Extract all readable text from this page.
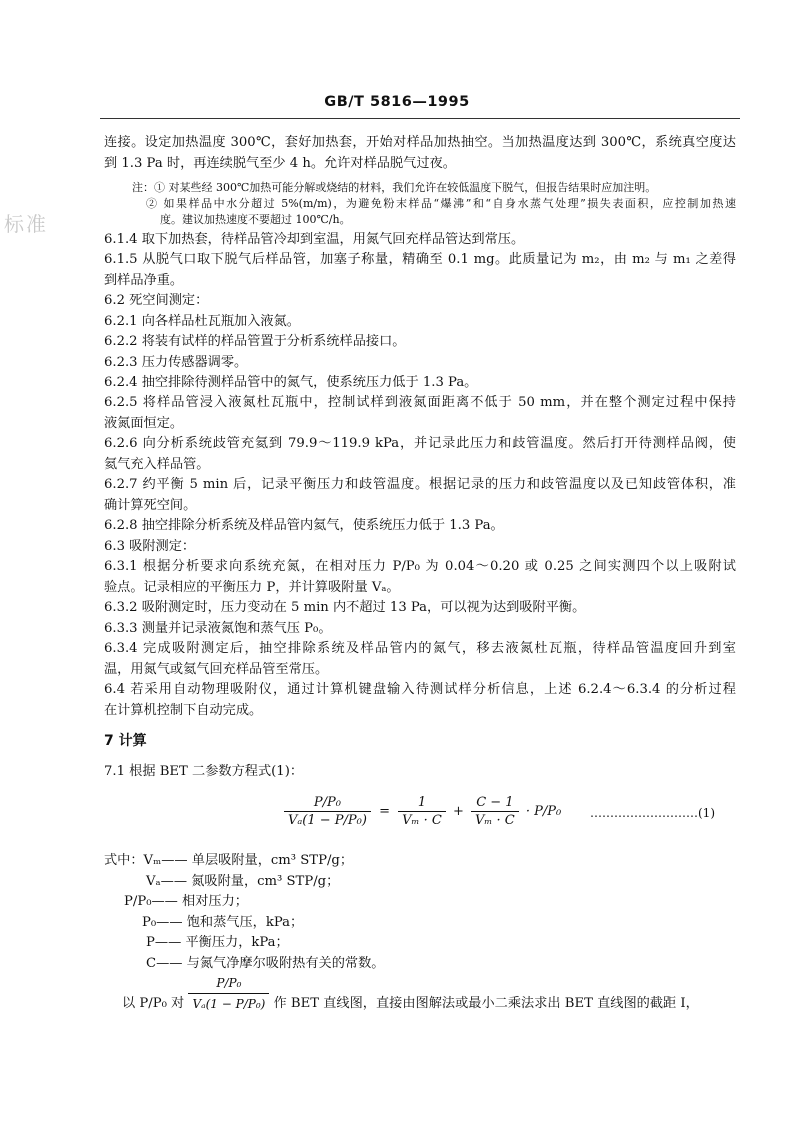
GB/T 5816—1995
标准
连接。设定加热温度 300℃，套好加热套，开始对样品加热抽空。当加热温度达到 300℃，系统真空度达
到 1.3 Pa 时，再连续脱气至少 4 h。允许对样品脱气过夜。
注：① 对某些经 300℃加热可能分解或烧结的材料，我们允许在较低温度下脱气，但报告结果时应加注明。
② 如果样品中水分超过 5%(m/m)，为避免粉末样品“爆沸”和“自身水蒸气处理”损失表面积，应控制加热速
度。建议加热速度不要超过 100℃/h。
6.1.4 取下加热套，待样品管冷却到室温，用氮气回充样品管达到常压。
6.1.5 从脱气口取下脱气后样品管，加塞子称量，精确至 0.1 mg。此质量记为 m₂，由 m₂ 与 m₁ 之差得
到样品净重。
6.2 死空间测定：
6.2.1 向各样品杜瓦瓶加入液氮。
6.2.2 将装有试样的样品管置于分析系统样品接口。
6.2.3 压力传感器调零。
6.2.4 抽空排除待测样品管中的氮气，使系统压力低于 1.3 Pa。
6.2.5 将样品管浸入液氮杜瓦瓶中，控制试样到液氮面距离不低于 50 mm，并在整个测定过程中保持
液氮面恒定。
6.2.6 向分析系统歧管充氦到 79.9～119.9 kPa，并记录此压力和歧管温度。然后打开待测样品阀，使
氦气充入样品管。
6.2.7 约平衡 5 min 后，记录平衡压力和歧管温度。根据记录的压力和歧管温度以及已知歧管体积，准
确计算死空间。
6.2.8 抽空排除分析系统及样品管内氦气，使系统压力低于 1.3 Pa。
6.3 吸附测定：
6.3.1 根据分析要求向系统充氮，在相对压力 P/P₀ 为 0.04～0.20 或 0.25 之间实测四个以上吸附试
验点。记录相应的平衡压力 P，并计算吸附量 Vₐ。
6.3.2 吸附测定时，压力变动在 5 min 内不超过 13 Pa，可以视为达到吸附平衡。
6.3.3 测量并记录液氮饱和蒸气压 P₀。
6.3.4 完成吸附测定后，抽空排除系统及样品管内的氮气，移去液氮杜瓦瓶，待样品管温度回升到室
温，用氮气或氦气回充样品管至常压。
6.4 若采用自动物理吸附仪，通过计算机键盘输入待测试样分析信息，上述 6.2.4～6.3.4 的分析过程
在计算机控制下自动完成。
7 计算
7.1 根据 BET 二参数方程式(1)：
$\frac{\text{P/P₀}}{\text{Vₐ(1 − P/P₀)}} = \frac{1}{\text{Vₘ · C}} + \frac{C - 1}{\text{Vₘ · C}} \cdot P/P_0$ ………………………(1)
式中：Vₘ—— 单层吸附量，cm³ STP/g；
Vₐ—— 氮吸附量，cm³ STP/g；
P/P₀—— 相对压力；
P₀—— 饱和蒸气压，kPa；
P—— 平衡压力，kPa；
C—— 与氮气净摩尔吸附热有关的常数。
以 P/P₀ 对 $\frac{\text{P/P₀}}{\text{Vₐ(1 − P/P₀)}}$ 作 BET 直线图，直接由图解法或最小二乘法求出 BET 直线图的截距 I，
